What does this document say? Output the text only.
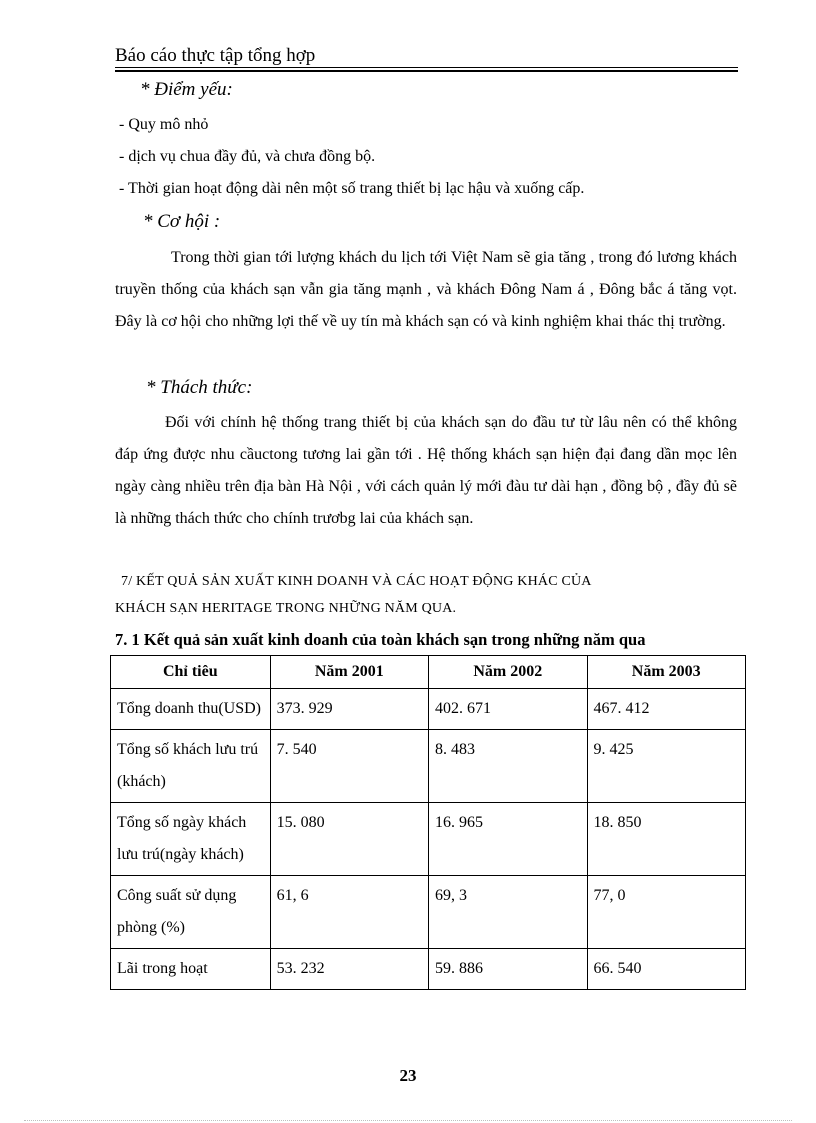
Báo cáo thực tập tổng hợp
* Điểm yếu:
- Quy mô nhỏ
- dịch vụ chua đầy đủ, và chưa đồng bộ.
- Thời gian hoạt động dài nên một số trang thiết bị lạc hậu và xuống cấp.
* Cơ hội :
Trong thời gian tới lượng khách du lịch tới Việt Nam sẽ gia tăng , trong đó lương khách truyền thống của khách sạn vẫn gia tăng mạnh , và khách Đông Nam á , Đông bắc á tăng vọt. Đây là cơ hội cho những lợi thế về uy tín mà khách sạn có và kinh nghiệm khai thác thị trường.
* Thách thức:
Đối với chính hệ thống trang thiết bị của khách sạn do đầu tư từ lâu nên có thể không đáp ứng được nhu cầuctong tương lai gần tới . Hệ thống khách sạn hiện đại đang dần mọc lên ngày càng nhiều trên địa bàn Hà Nội , với cách quản lý mới đàu tư dài hạn , đồng bộ , đầy đủ sẽ là những thách thức cho chính trươbg lai của khách sạn.
7/ KẾT QUẢ SẢN XUẤT KINH DOANH VÀ CÁC HOẠT ĐỘNG KHÁC CỦA
KHÁCH SẠN HERITAGE TRONG NHỮNG NĂM QUA.
7. 1 Kết quả sản xuất kinh doanh của toàn khách sạn trong những năm qua
Chỉ tiêu	Năm 2001	Năm 2002	Năm 2003
Tổng doanh thu(USD)	373. 929	402. 671	467. 412
Tổng số khách lưu trú (khách)	7. 540	8. 483	9. 425
Tổng số ngày khách lưu trú(ngày khách)	15. 080	16. 965	18. 850
Công suất sử dụng phòng (%)	61, 6	69, 3	77, 0
Lãi trong hoạt	53. 232	59. 886	66. 540
23
